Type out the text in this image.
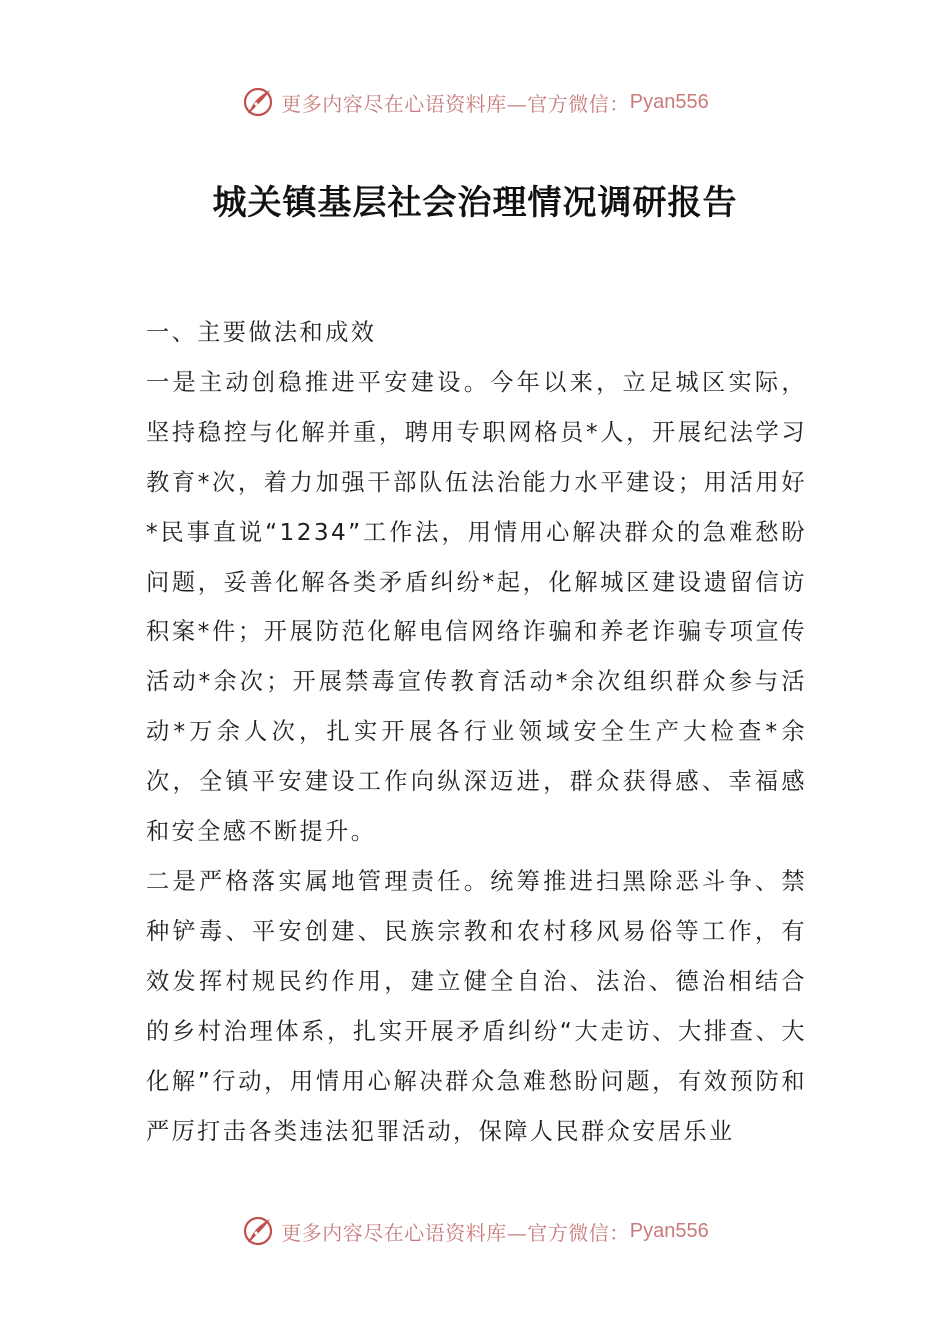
更多内容尽在心语资料库—官方微信： Pyan556
城关镇基层社会治理情况调研报告

一、主要做法和成效

一是主动创稳推进平安建设。今年以来，立足城区实际，坚持稳控与化解并重，聘用专职网格员*人，开展纪法学习教育*次，着力加强干部队伍法治能力水平建设；用活用好*民事直说“1234”工作法，用情用心解决群众的急难愁盼问题，妥善化解各类矛盾纠纷*起，化解城区建设遗留信访积案*件；开展防范化解电信网络诈骗和养老诈骗专项宣传活动*余次；开展禁毒宣传教育活动*余次组织群众参与活动*万余人次，扎实开展各行业领域安全生产大检查*余次，全镇平安建设工作向纵深迈进，群众获得感、幸福感和安全感不断提升。

二是严格落实属地管理责任。统筹推进扫黑除恶斗争、禁种铲毒、平安创建、民族宗教和农村移风易俗等工作，有效发挥村规民约作用，建立健全自治、法治、德治相结合的乡村治理体系，扎实开展矛盾纠纷“大走访、大排查、大化解”行动，用情用心解决群众急难愁盼问题，有效预防和严厉打击各类违法犯罪活动，保障人民群众安居乐业

更多内容尽在心语资料库—官方微信： Pyan556
